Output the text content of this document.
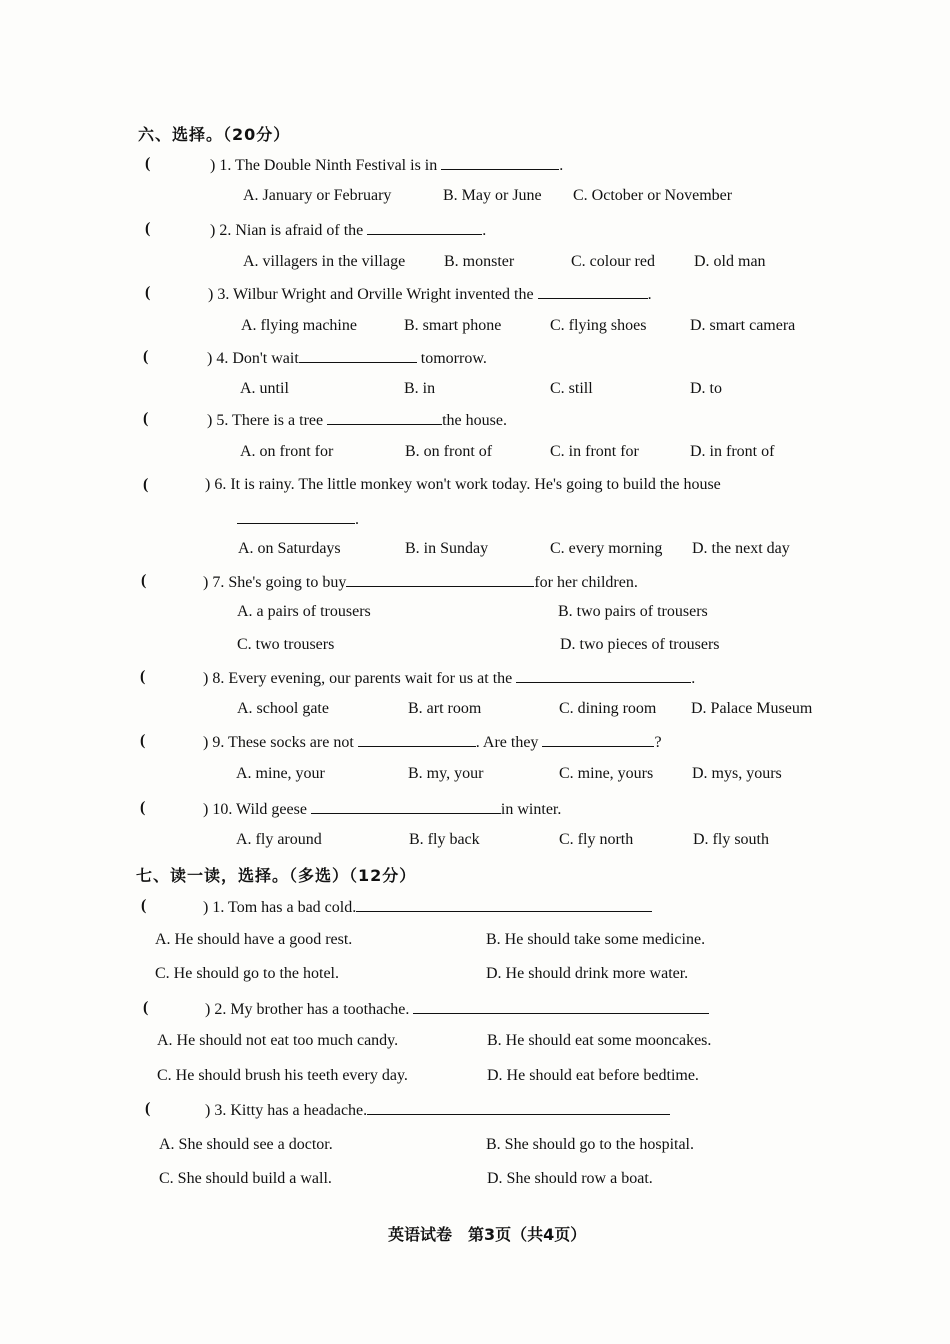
六、选择。（20分）
(	) 1. The Double Ninth Festival is in	.
A. January or February	B. May or June C. October or November
(	) 2. Nian is afraid of the	.
A. villagers in the village B. monster	C. colour red D. old man
(	) 3. Wilbur Wright and Orville Wright invented the	.
A. flying machine	B. smart phone	C. flying shoes	D. smart camera
(	) 4. Don't wait	tomorrow.
A. until	B. in	C. still	D. to
(	) 5. There is a tree	the house.
A. on front for	B. on front of	C. in front for	D. in front of
(	) 6. It is rainy. The little monkey won't work today. He's going to build the house
.
A. on Saturdays	B. in Sunday	C. every morning D. the next day
(	) 7. She's going to buy	for her children.
A. a pairs of trousers	B. two pairs of trousers
C. two trousers	D. two pieces of trousers
(	) 8. Every evening, our parents wait for us at the	.
A. school gate	B. art room	C. dining room D. Palace Museum
(	) 9. These socks are not	. Are they	?
A. mine, your	B. my, your	C. mine, yours D. mys, yours
(	) 10. Wild geese	in winter.
A. fly around	B. fly back	C. fly north	D. fly south
七、读一读，选择。（多选）（12分）
(	) 1. Tom has a bad cold.
A. He should have a good rest.	B. He should take some medicine.
C. He should go to the hotel.	D. He should drink more water.
(	) 2. My brother has a toothache.
A. He should not eat too much candy.	B. He should eat some mooncakes.
C. He should brush his teeth every day.	D. He should eat before bedtime.
(	) 3. Kitty has a headache.
A. She should see a doctor.	B. She should go to the hospital.
C. She should build a wall.	D. She should row a boat.
英语试卷　第3页（共4页）
